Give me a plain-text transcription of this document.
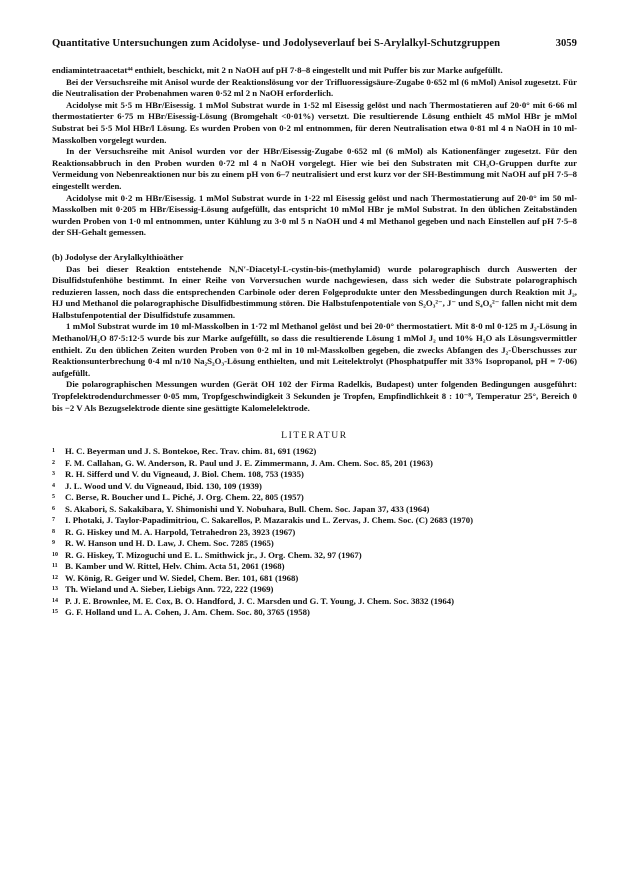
Quantitative Untersuchungen zum Acidolyse- und Jodolyseverlauf bei S-Arylalkyl-Schutzgruppen	3059

endiamintetraacetat⁴⁴ enthielt, beschickt, mit 2 n NaOH auf pH 7·8–8 eingestellt und mit Puffer bis zur Marke aufgefüllt.

Bei der Versuchsreihe mit Anisol wurde der Reaktionslösung vor der Trifluoressigsäure-Zugabe 0·652 ml (6 mMol) Anisol zugesetzt. Für die Neutralisation der Probenahmen waren 0·52 ml 2 n NaOH erforderlich.

Acidolyse mit 5·5 m HBr/Eisessig. 1 mMol Substrat wurde in 1·52 ml Eisessig gelöst und nach Thermostatieren auf 20·0° mit 6·66 ml thermostatierter 6·75 m HBr/Eisessig-Lösung (Bromgehalt <0·01%) versetzt. Die resultierende Lösung enthielt 45 mMol HBr je mMol Substrat bei 5·5 Mol HBr/l Lösung. Es wurden Proben von 0·2 ml entnommen, für deren Neutralisation etwa 0·81 ml 4 n NaOH in 10 ml-Masskolben vorgelegt wurden.

In der Versuchsreihe mit Anisol wurden vor der HBr/Eisessig-Zugabe 0·652 ml (6 mMol) als Kationenfänger zugesetzt. Für den Reaktionsabbruch in den Proben wurden 0·72 ml 4 n NaOH vorgelegt. Hier wie bei den Substraten mit CH₃O-Gruppen durfte zur Vermeidung von Nebenreaktionen nur bis zu einem pH von 6–7 neutralisiert und erst kurz vor der SH-Bestimmung mit NaOH auf pH 7·5–8 eingestellt werden.

Acidolyse mit 0·2 m HBr/Eisessig. 1 mMol Substrat wurde in 1·22 ml Eisessig gelöst und nach Thermostatierung auf 20·0° im 50 ml-Masskolben mit 0·205 m HBr/Eisessig-Lösung aufgefüllt, das entspricht 10 mMol HBr je mMol Substrat. In den üblichen Zeitabständen wurden Proben von 1·0 ml entnommen, unter Kühlung zu 3·0 ml 5 n NaOH und 4 ml Methanol gegeben und nach Einstellen auf pH 7·5–8 der SH-Gehalt gemessen.

(b) Jodolyse der Arylalkylthioäther

Das bei dieser Reaktion entstehende N,N′-Diacetyl-L-cystin-bis-(methylamid) wurde polarographisch durch Auswerten der Disulfidstufenhöhe bestimmt. In einer Reihe von Vorversuchen wurde nachgewiesen, dass sich weder die Substrate polarographisch reduzieren lassen, noch dass die entsprechenden Carbinole oder deren Folgeprodukte unter den Messbedingungen durch Reaktion mit J₂, HJ und Methanol die polarographische Disulfidbestimmung stören. Die Halbstufenpotentiale von S₂O₃²⁻, J⁻ und S₄O₆²⁻ fallen nicht mit dem Halbstufenpotential der Disulfidstufe zusammen.

1 mMol Substrat wurde im 10 ml-Masskolben in 1·72 ml Methanol gelöst und bei 20·0° thermostatiert. Mit 8·0 ml 0·125 m J₂-Lösung in Methanol/H₂O 87·5:12·5 wurde bis zur Marke aufgefüllt, so dass die resultierende Lösung 1 mMol J₂ und 10% H₂O als Lösungsvermittler enthielt. Zu den üblichen Zeiten wurden Proben von 0·2 ml in 10 ml-Masskolben gegeben, die zwecks Abfangen des J₂-Überschusses zur Reaktionsunterbrechung 0·4 ml n/10 Na₂S₂O₃-Lösung enthielten, und mit Leitelektrolyt (Phosphatpuffer mit 33% Isopropanol, pH = 7·06) aufgefüllt.

Die polarographischen Messungen wurden (Gerät OH 102 der Firma Radelkis, Budapest) unter folgenden Bedingungen ausgeführt: Tropfelektrodendurchmesser 0·05 mm, Tropfgeschwindigkeit 3 Sekunden je Tropfen, Empfindlichkeit 8 : 10⁻⁸, Temperatur 25°, Bereich 0 bis −2 V Als Bezugselektrode diente sine gesättigte Kalomelelektrode.

LITERATUR
1	H. C. Beyerman und J. S. Bontekoe, Rec. Trav. chim. 81, 691 (1962)
2	F. M. Callahan, G. W. Anderson, R. Paul und J. E. Zimmermann, J. Am. Chem. Soc. 85, 201 (1963)
3	R. H. Sifferd und V. du Vigneaud, J. Biol. Chem. 108, 753 (1935)
4	J. L. Wood und V. du Vigneaud, Ibid. 130, 109 (1939)
5	C. Berse, R. Boucher und L. Piché, J. Org. Chem. 22, 805 (1957)
6	S. Akabori, S. Sakakibara, Y. Shimonishi und Y. Nobuhara, Bull. Chem. Soc. Japan 37, 433 (1964)
7	I. Photaki, J. Taylor-Papadimitriou, C. Sakarellos, P. Mazarakis und L. Zervas, J. Chem. Soc. (C) 2683 (1970)
8	R. G. Hiskey und M. A. Harpold, Tetrahedron 23, 3923 (1967)
9	R. W. Hanson und H. D. Law, J. Chem. Soc. 7285 (1965)
10 R. G. Hiskey, T. Mizoguchi und E. L. Smithwick jr., J. Org. Chem. 32, 97 (1967)
11 B. Kamber und W. Rittel, Helv. Chim. Acta 51, 2061 (1968)
12 W. König, R. Geiger und W. Siedel, Chem. Ber. 101, 681 (1968)
13 Th. Wieland und A. Sieber, Liebigs Ann. 722, 222 (1969)
14 P. J. E. Brownlee, M. E. Cox, B. O. Handford, J. C. Marsden und G. T. Young, J. Chem. Soc. 3832 (1964)
15 G. F. Holland und L. A. Cohen, J. Am. Chem. Soc. 80, 3765 (1958)
